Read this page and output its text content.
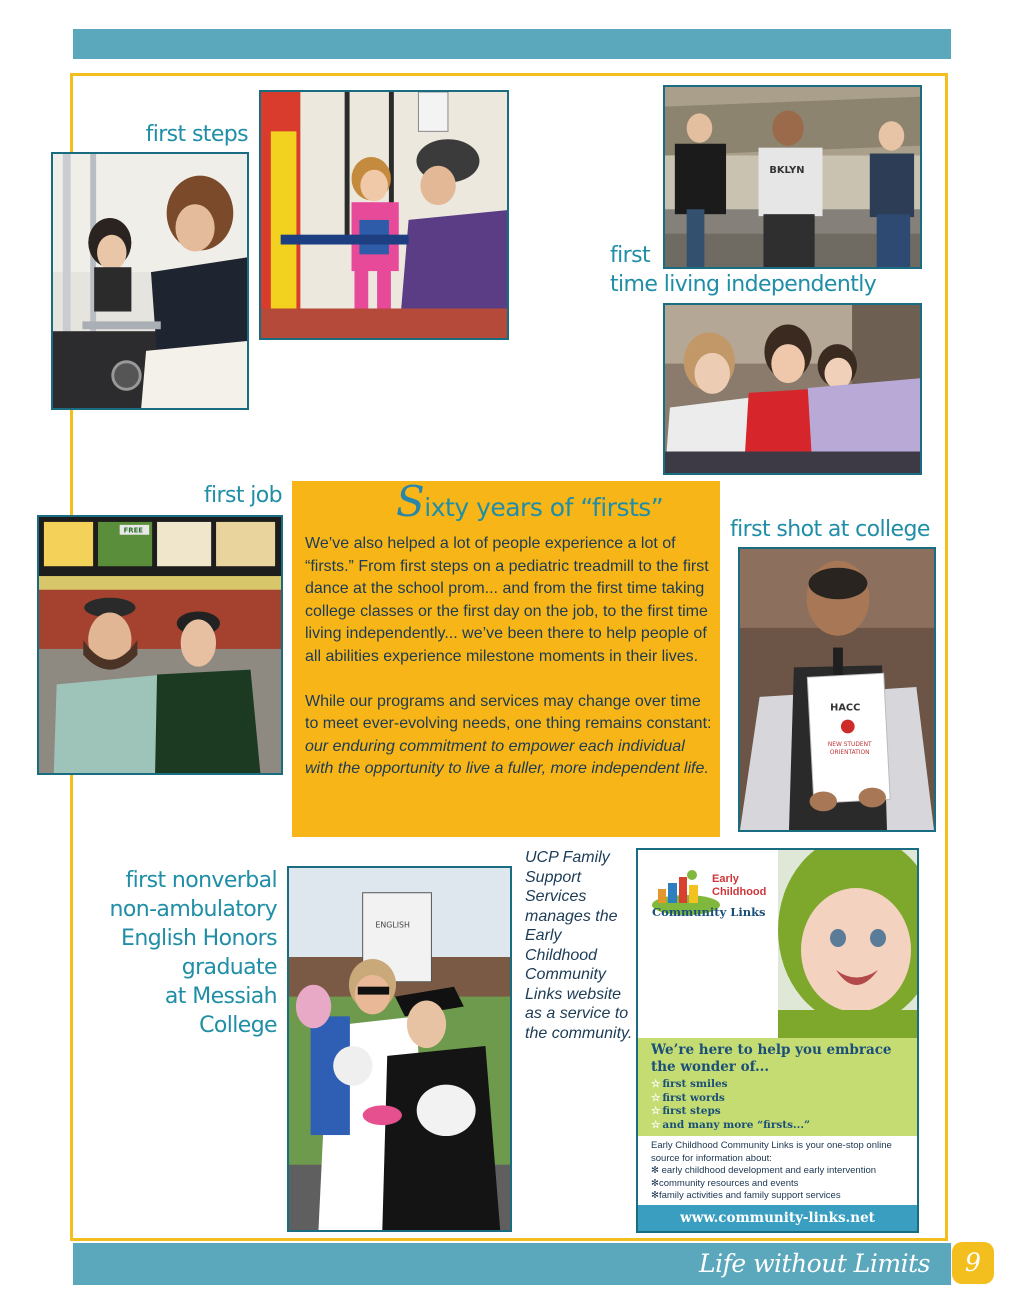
first steps
BKLYN
first
time living independently
first job
FREE
Sixty years of “firsts”

We’ve also helped a lot of people experience a lot of “firsts.” From first steps on a pediatric treadmill to the first dance at the school prom... and from the first time taking college classes or the first day on the job, to the first time living independently... we’ve been there to help people of all abilities experience milestone moments in their lives.

While our programs and services may change over time to meet ever-evolving needs, one thing remains constant: our enduring commitment to empower each individual with the opportunity to live a fuller, more independent life.

first shot at college
HACC
NEW STUDENT ORIENTATION
first nonverbal
non-ambulatory
English Honors
graduate
at Messiah
College
ENGLISH
UCP Family Support Services manages the Early Childhood Community Links website as a service to the community.
Early
Childhood
Community Links
We’re here to help you embrace the wonder of...
☆ first smiles
☆ first words
☆ first steps
☆ and many more “firsts...”
Early Childhood Community Links is your one-stop online source for information about:
✻ early childhood development and early intervention
✻community resources and events
✻family activities and family support services
www.community-links.net
Life without Limits	9
